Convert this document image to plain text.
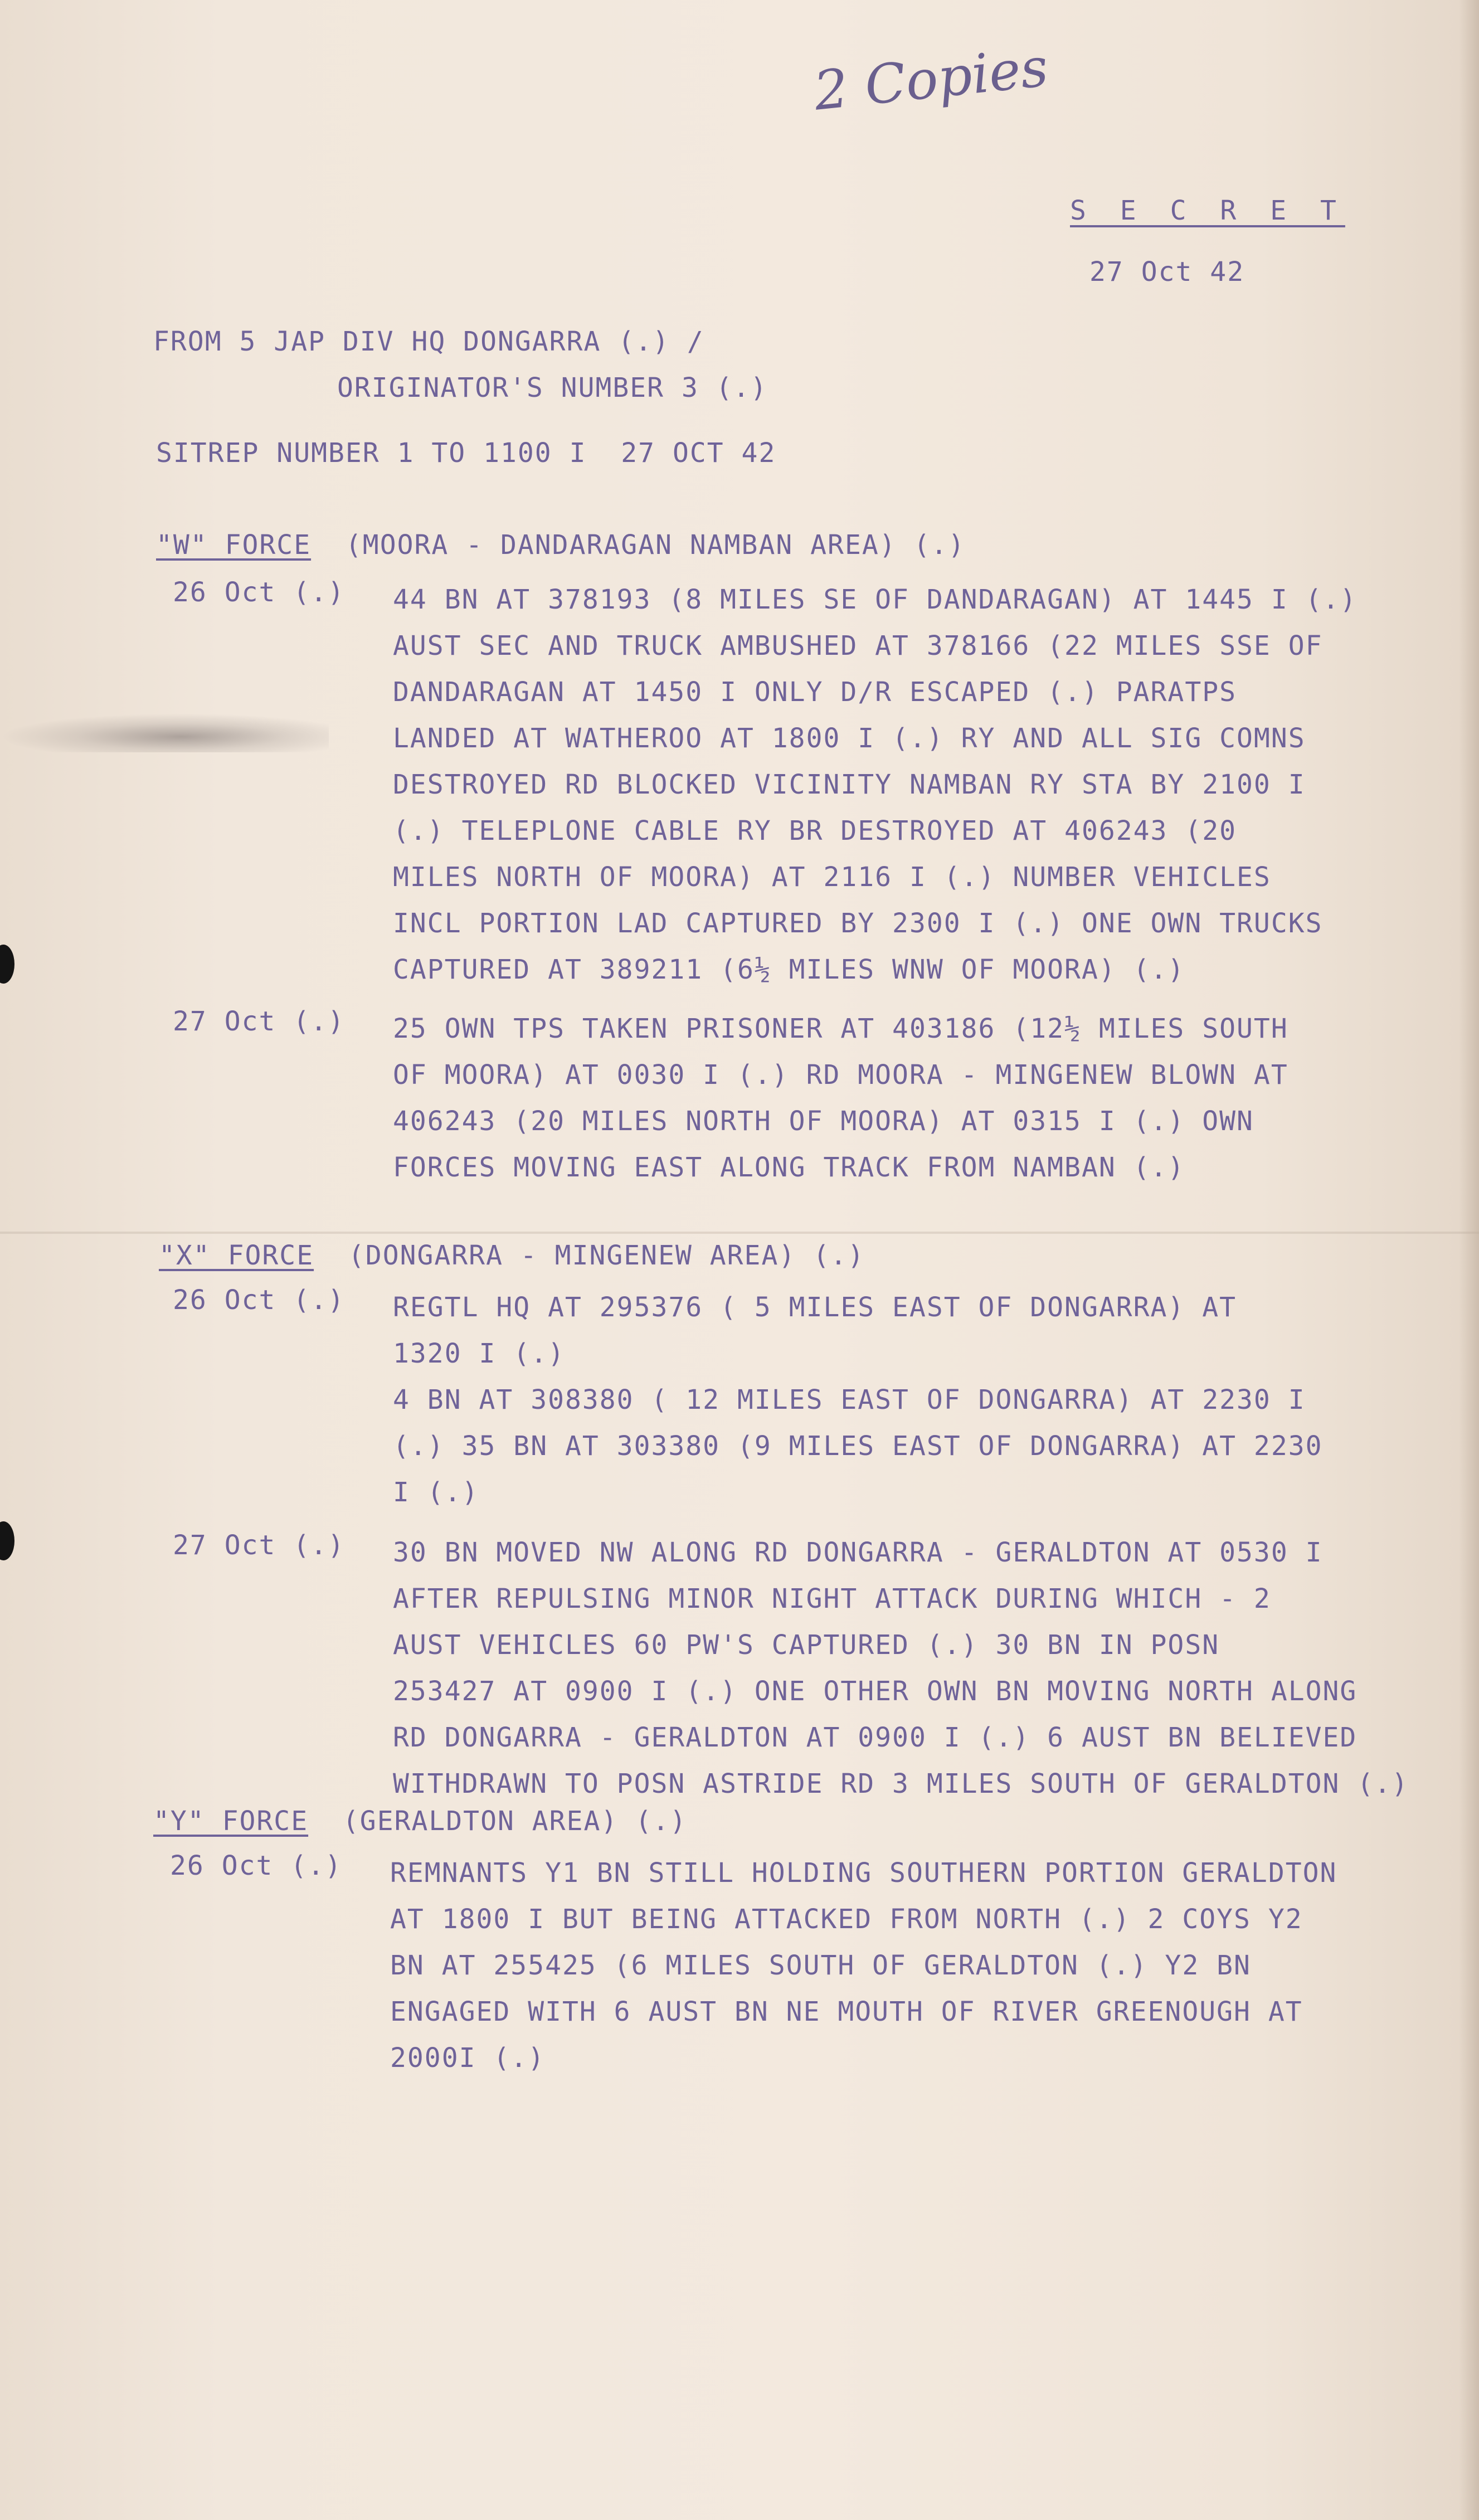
2 Copies
S E C R E T
27 Oct 42
FROM 5 JAP DIV HQ DONGARRA (.) /
ORIGINATOR'S NUMBER 3 (.)
SITREP NUMBER 1 TO 1100 I  27 OCT 42
"W" FORCE (MOORA - DANDARAGAN NAMBAN AREA) (.)
26 Oct (.) 44 BN AT 378193 (8 MILES SE OF DANDARAGAN) AT 1445 I (.)
AUST SEC AND TRUCK AMBUSHED AT 378166 (22 MILES SSE OF
DANDARAGAN AT 1450 I ONLY D/R ESCAPED (.) PARATPS
LANDED AT WATHEROO AT 1800 I (.) RY AND ALL SIG COMNS
DESTROYED RD BLOCKED VICINITY NAMBAN RY STA BY 2100 I
(.) TELEPLONE CABLE RY BR DESTROYED AT 406243 (20
MILES NORTH OF MOORA) AT 2116 I (.) NUMBER VEHICLES
INCL PORTION LAD CAPTURED BY 2300 I (.) ONE OWN TRUCKS
CAPTURED AT 389211 (6½ MILES WNW OF MOORA) (.)
27 Oct (.) 25 OWN TPS TAKEN PRISONER AT 403186 (12½ MILES SOUTH
OF MOORA) AT 0030 I (.) RD MOORA - MINGENEW BLOWN AT
406243 (20 MILES NORTH OF MOORA) AT 0315 I (.) OWN
FORCES MOVING EAST ALONG TRACK FROM NAMBAN (.)
"X" FORCE (DONGARRA - MINGENEW AREA) (.)
26 Oct (.) REGTL HQ AT 295376 ( 5 MILES EAST OF DONGARRA) AT
1320 I (.)
4 BN AT 308380 ( 12 MILES EAST OF DONGARRA) AT 2230 I
(.) 35 BN AT 303380 (9 MILES EAST OF DONGARRA) AT 2230
I (.)
27 Oct (.) 30 BN MOVED NW ALONG RD DONGARRA - GERALDTON AT 0530 I
AFTER REPULSING MINOR NIGHT ATTACK DURING WHICH - 2
AUST VEHICLES 60 PW'S CAPTURED (.) 30 BN IN POSN
253427 AT 0900 I (.) ONE OTHER OWN BN MOVING NORTH ALONG
RD DONGARRA - GERALDTON AT 0900 I (.) 6 AUST BN BELIEVED
WITHDRAWN TO POSN ASTRIDE RD 3 MILES SOUTH OF GERALDTON (.)
"Y" FORCE (GERALDTON AREA) (.)
26 Oct (.) REMNANTS Y1 BN STILL HOLDING SOUTHERN PORTION GERALDTON
AT 1800 I BUT BEING ATTACKED FROM NORTH (.) 2 COYS Y2
BN AT 255425 (6 MILES SOUTH OF GERALDTON (.) Y2 BN
ENGAGED WITH 6 AUST BN NE MOUTH OF RIVER GREENOUGH AT
2000I (.)
